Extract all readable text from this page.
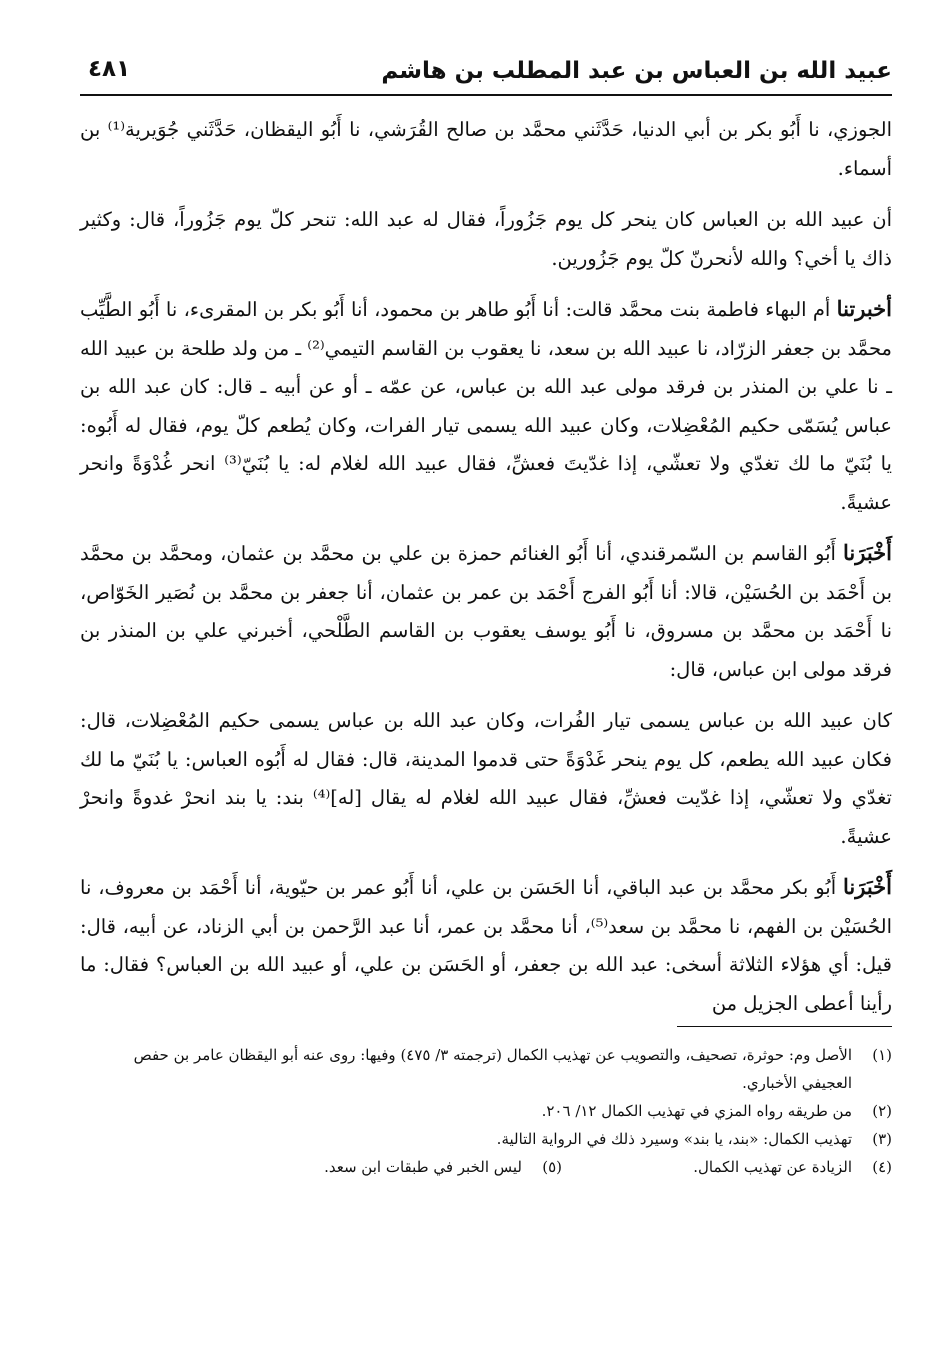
عبيد الله بن العباس بن عبد المطلب بن هاشم
٤٨١

الجوزي، نا أَبُو بكر بن أبي الدنيا، حَدَّثَني محمَّد بن صالح القُرَشي، نا أَبُو اليقظان، حَدَّثَني جُوَيرية⁽¹⁾ بن أسماء.

أن عبيد الله بن العباس كان ينحر كل يوم جَزُوراً، فقال له عبد الله: تنحر كلّ يوم جَزُوراً، قال: وكثير ذاك يا أخي؟ والله لأنحرنّ كلّ يوم جَزُورين.

أخبرتنا أم البهاء فاطمة بنت محمَّد قالت: أنا أَبُو طاهر بن محمود، أنا أَبُو بكر بن المقرىء، نا أَبُو الطَّيِّب محمَّد بن جعفر الزرّاد، نا عبيد الله بن سعد، نا يعقوب بن القاسم التيمي⁽²⁾ ـ من ولد طلحة بن عبيد الله ـ نا علي بن المنذر بن فرقد مولى عبد الله بن عباس، عن عمّه ـ أو عن أبيه ـ قال: كان عبد الله بن عباس يُسَمّى حكيم المُعْضِلات، وكان عبيد الله يسمى تيار الفرات، وكان يُطعم كلّ يوم، فقال له أَبُوه: يا بُنَيّ ما لك تغدّي ولا تعشّي، إذا غدّيتَ فعشِّ، فقال عبيد الله لغلام له: يا بُنَيّ⁽³⁾ انحر غُدْوَةً وانحر عشيةً.

أَخْبَرَنا أَبُو القاسم بن السّمرقندي، أنا أَبُو الغنائم حمزة بن علي بن محمَّد بن عثمان، ومحمَّد بن محمَّد بن أَحْمَد بن الحُسَيْن، قالا: أنا أَبُو الفرج أَحْمَد بن عمر بن عثمان، أنا جعفر بن محمَّد بن نُصَير الخَوّاص، نا أَحْمَد بن محمَّد بن مسروق، نا أَبُو يوسف يعقوب بن القاسم الطَّلْحي، أخبرني علي بن المنذر بن فرقد مولى ابن عباس، قال:

كان عبيد الله بن عباس يسمى تيار الفُرات، وكان عبد الله بن عباس يسمى حكيم المُعْضِلات، قال: فكان عبيد الله يطعم، كل يوم ينحر غَدْوَةً حتى قدموا المدينة، قال: فقال له أَبُوه العباس: يا بُنَيّ ما لك تغدّي ولا تعشّي، إذا غدّيت فعشِّ، فقال عبيد الله لغلام له يقال [له]⁽⁴⁾ بند: يا بند انحرْ غدوةً وانحرْ عشيةً.

أَخْبَرَنا أَبُو بكر محمَّد بن عبد الباقي، أنا الحَسَن بن علي، أنا أَبُو عمر بن حيّوية، أنا أَحْمَد بن معروف، نا الحُسَيْن بن الفهم، نا محمَّد بن سعد⁽⁵⁾، أنا محمَّد بن عمر، أنا عبد الرَّحمن بن أبي الزناد، عن أبيه، قال: قيل: أي هؤلاء الثلاثة أسخى: عبد الله بن جعفر، أو الحَسَن بن علي، أو عبيد الله بن العباس؟ فقال: ما رأينا أعطى الجزيل من

(١)
الأصل وم: حوثرة، تصحيف، والتصويب عن تهذيب الكمال (ترجمته ٣/ ٤٧٥) وفيها: روى عنه أبو اليقظان عامر بن حفص العجيفي الأخباري.
(٢)
من طريقه رواه المزي في تهذيب الكمال ١٢/ ٢٠٦.
(٣)
تهذيب الكمال: «بند، يا بند» وسيرد ذلك في الرواية التالية.
(٤)
الزيادة عن تهذيب الكمال.
(٥)
ليس الخبر في طبقات ابن سعد.
